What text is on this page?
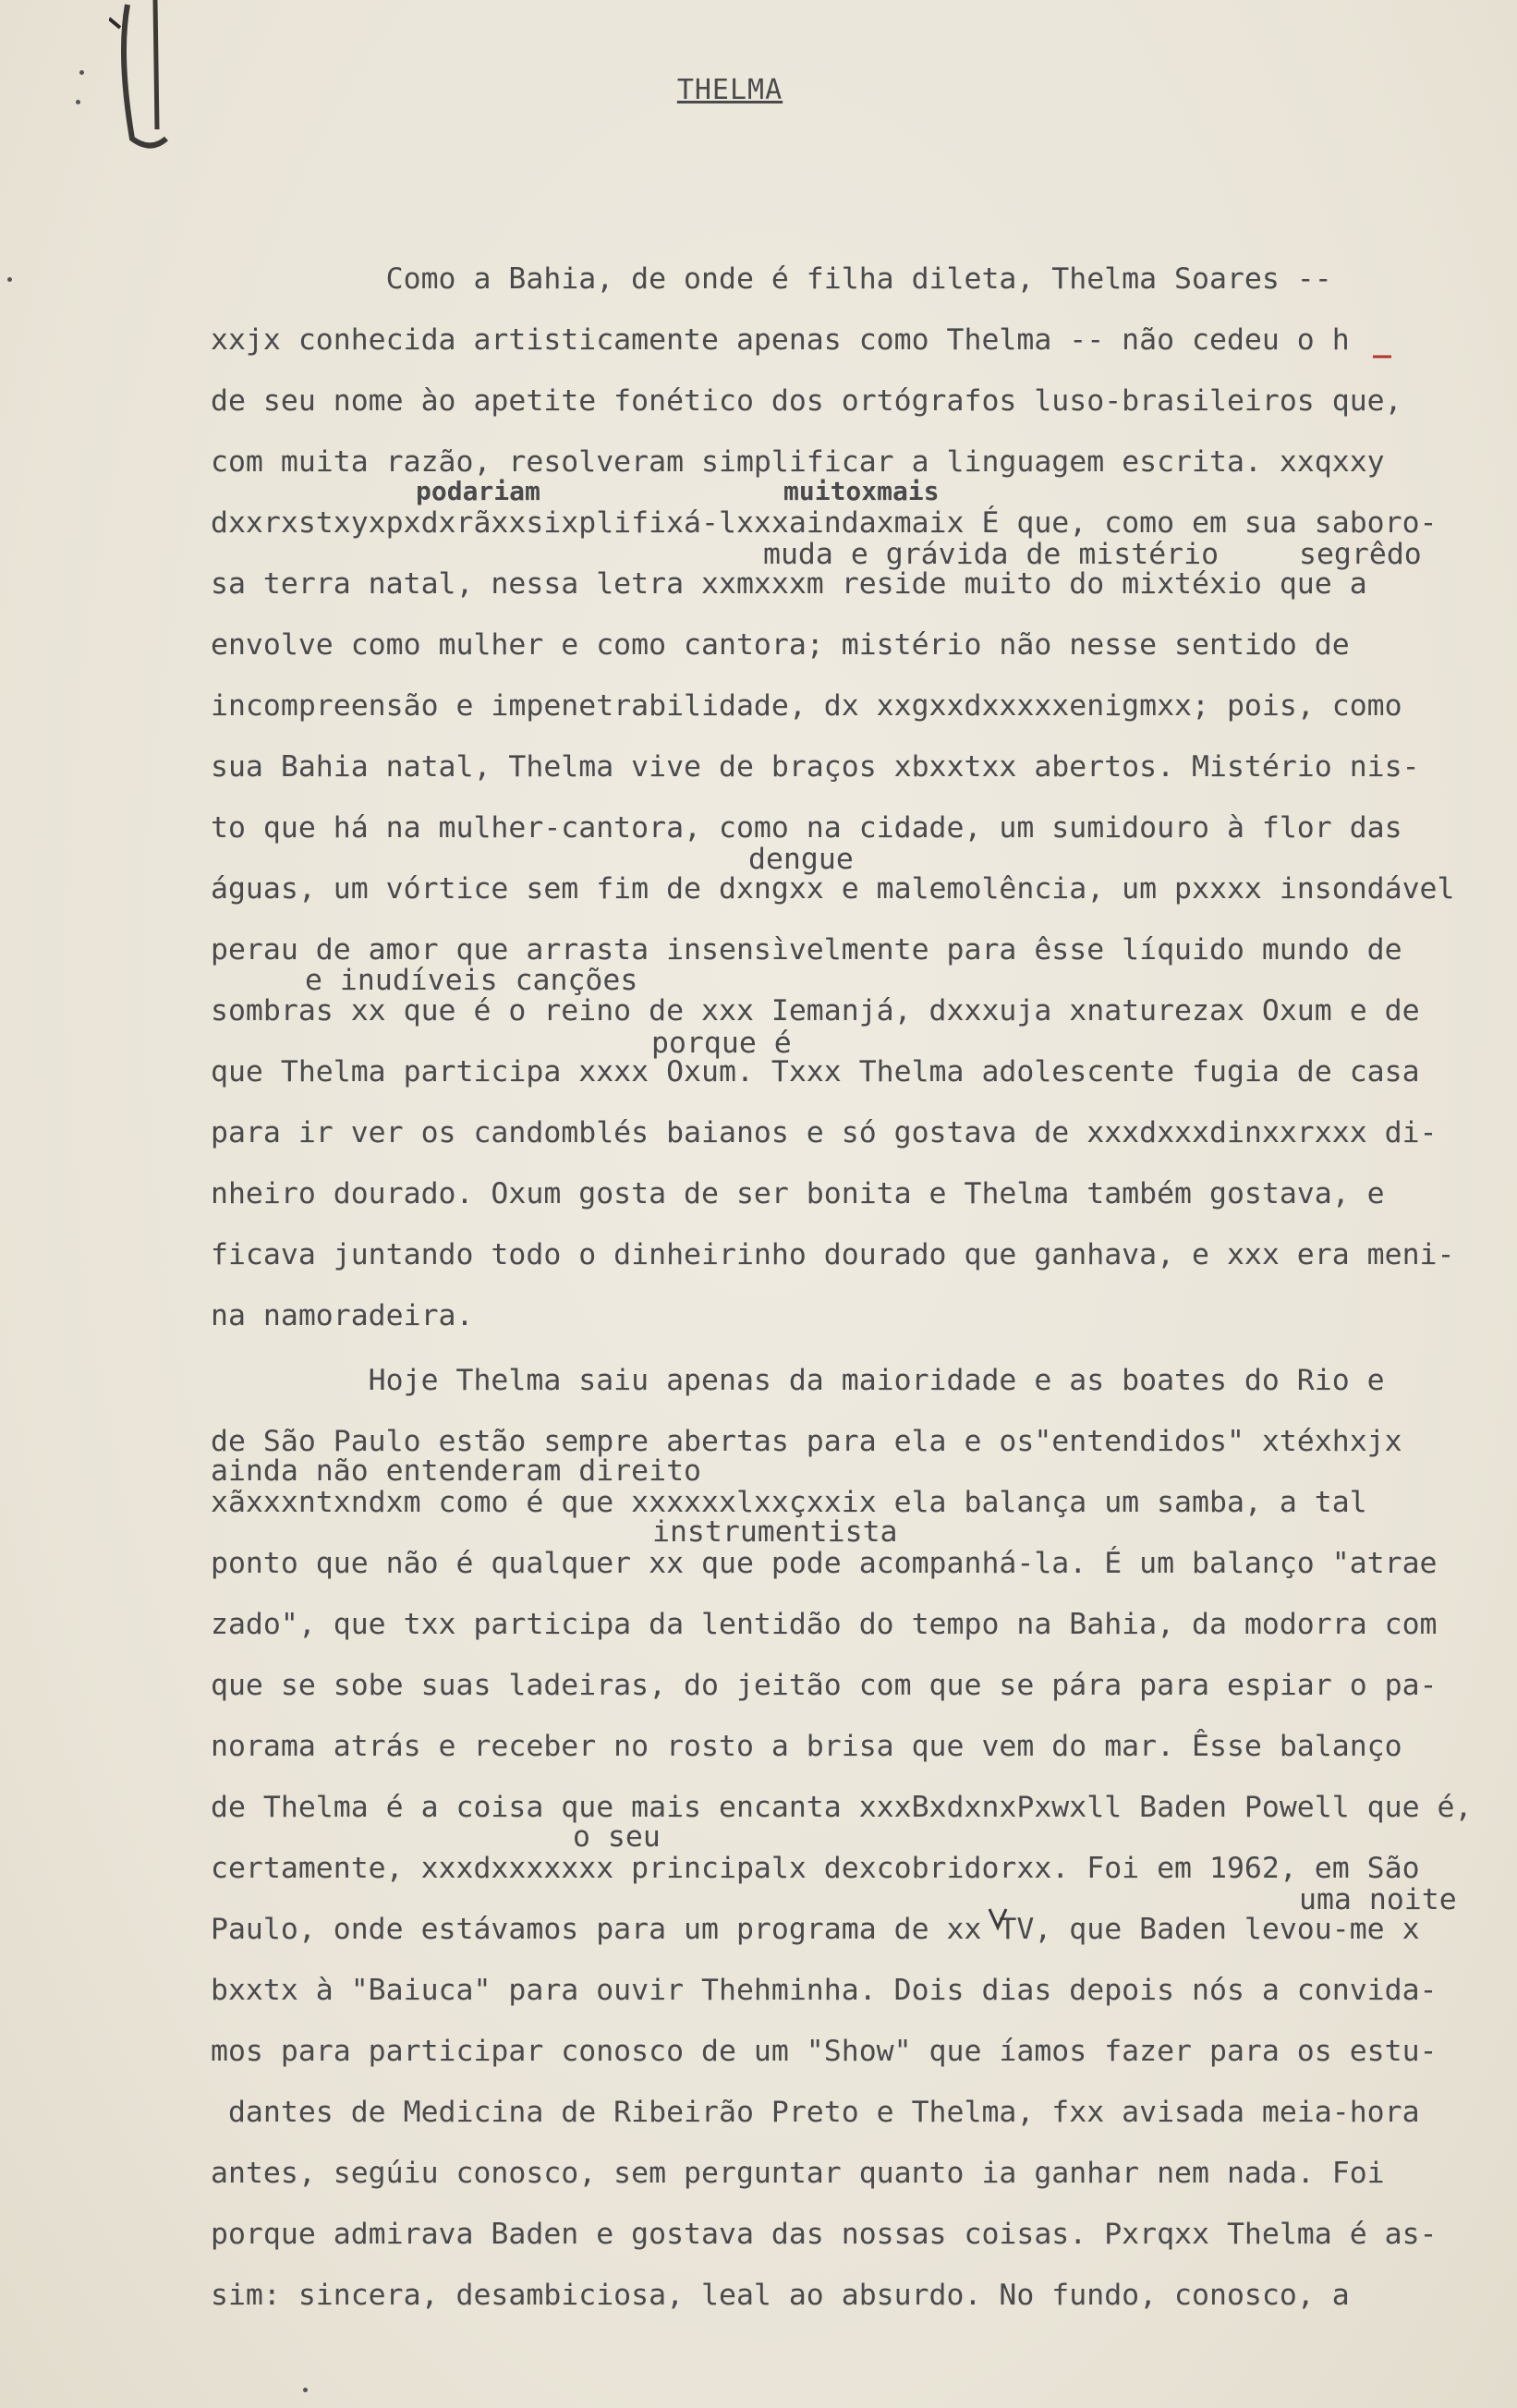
THELMA
podariam	muitoxmais
muda e grávida de mistério	segrêdo
dengue
e inudíveis canções
porque é
ainda não entenderam direito
instrumentista
o seu
uma noite
Como a Bahia, de onde é filha dileta, Thelma Soares --
xxjx conhecida artisticamente apenas como Thelma -- não cedeu o h
de seu nome ào apetite fonético dos ortógrafos luso-brasileiros que,
com muita razão, resolveram simplificar a linguagem escrita. xxqxxy
dxxrxstxyxpxdxrãxxsixplifixá-lxxxaindaxmaix É que, como em sua saboro-
sa terra natal, nessa letra xxmxxxm reside muito do mixtéxio que a
envolve como mulher e como cantora; mistério não nesse sentido de
incompreensão e impenetrabilidade, dx xxgxxdxxxxxenigmxx; pois, como
sua Bahia natal, Thelma vive de braços xbxxtxx abertos. Mistério nis-
to que há na mulher-cantora, como na cidade, um sumidouro à flor das
águas, um vórtice sem fim de dxngxx e malemolência, um pxxxx insondável
perau de amor que arrasta insensìvelmente para êsse líquido mundo de
sombras xx que é o reino de xxx Iemanjá, dxxxuja xnaturezax Oxum e de
que Thelma participa xxxx Oxum. Txxx Thelma adolescente fugia de casa
para ir ver os candomblés baianos e só gostava de xxxdxxxdinxxrxxx di-
nheiro dourado. Oxum gosta de ser bonita e Thelma também gostava, e
ficava juntando todo o dinheirinho dourado que ganhava, e xxx era meni-
na namoradeira.
Hoje Thelma saiu apenas da maioridade e as boates do Rio e
de São Paulo estão sempre abertas para ela e os"entendidos" xtéxhxjx
xãxxxntxndxm como é que xxxxxxlxxçxxix ela balança um samba, a tal
ponto que não é qualquer xx que pode acompanhá-la. É um balanço "atrae
zado", que txx participa da lentidão do tempo na Bahia, da modorra com
que se sobe suas ladeiras, do jeitão com que se pára para espiar o pa-
norama atrás e receber no rosto a brisa que vem do mar. Êsse balanço
de Thelma é a coisa que mais encanta xxxBxdxnxPxwxll Baden Powell que é,
certamente, xxxdxxxxxxx principalx dexcobridorxx. Foi em 1962, em São
Paulo, onde estávamos para um programa de xx TV, que Baden levou-me x
bxxtx à "Baiuca" para ouvir Thehminha. Dois dias depois nós a convida-
mos para participar conosco de um "Show" que íamos fazer para os estu-
dantes de Medicina de Ribeirão Preto e Thelma, fxx avisada meia-hora
antes, segúiu conosco, sem perguntar quanto ia ganhar nem nada. Foi
porque admirava Baden e gostava das nossas coisas. Pxrqxx Thelma é as-
sim: sincera, desambiciosa, leal ao absurdo. No fundo, conosco, a
